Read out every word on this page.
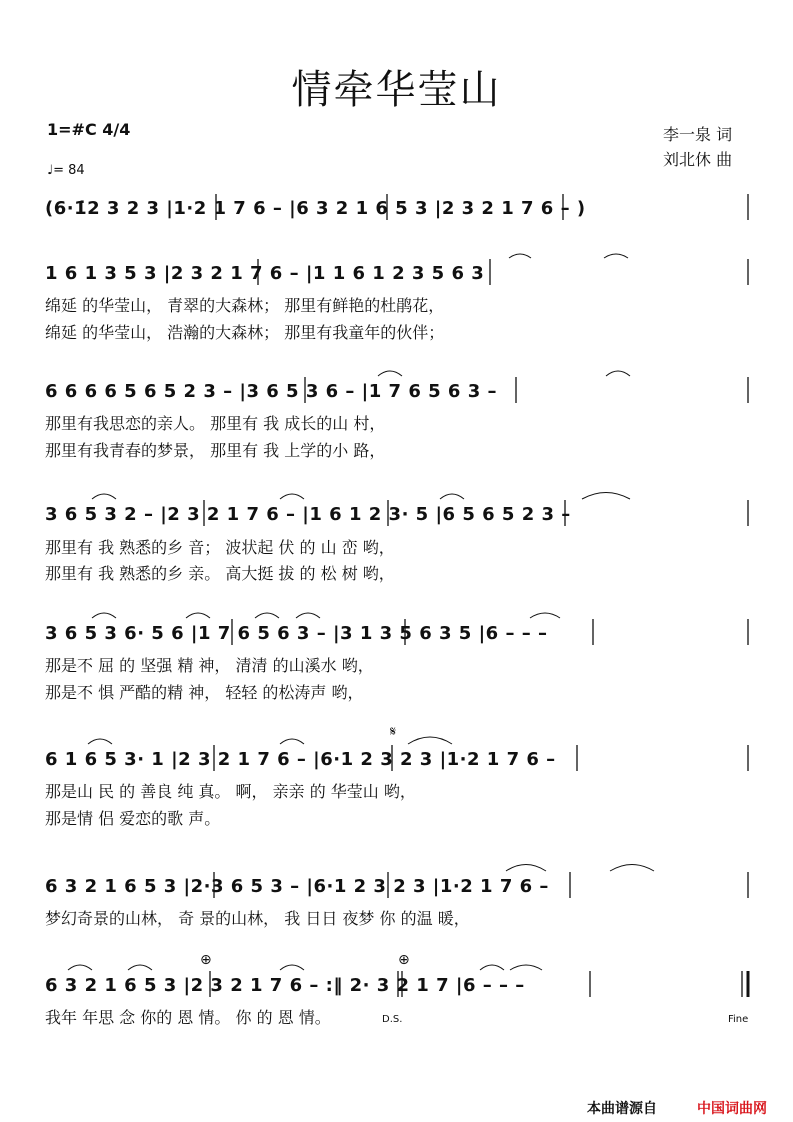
情牵华莹山
李一泉 词
刘北休 曲
1=#C 4/4
♩= 84
(6·1̇2 3 2 3 |1·2 1 7 6 – |6 3 2 1 6 5 3 |2 3 2 1 7 6 – )
1 6 1 3 5 3 |2 3 2 1 7 6 – |1 1 6 1 2 3 5 6 3
绵延 的华莹山， 青翠的大森林； 那里有鲜艳的杜鹃花，
绵延 的华莹山， 浩瀚的大森林； 那里有我童年的伙伴；
6 6 6 6 5 6 5 2 3 – |3 6 5 3 6 – |1 7 6 5 6 3 –
那里有我思恋的亲人。 那里有 我 成长的山 村，
那里有我青春的梦景， 那里有 我 上学的小 路，
3 6 5 3 2 – |2 3 2 1 7 6 – |1 6 1 2 3· 5 |6 5 6 5 2 3 –
那里有 我 熟悉的乡 音； 波状起 伏 的 山 峦 哟，
那里有 我 熟悉的乡 亲。 高大挺 拔 的 松 树 哟，
3 6 5 3 6· 5 6 |1 7 6 5 6 3 – |3 1 3 5 6 3 5 |6 – – –
那是不 屈 的 坚强 精 神， 清清 的山溪水 哟，
那是不 惧 严酷的精 神， 轻轻 的松涛声 哟，
6 1 6 5 3· 1 |2 3 2 1 7 6 – |6·1 2 3 2 3 |1·2 1 7 6 –
那是山 民 的 善良 纯 真。 啊， 亲亲 的 华莹山 哟，
那是情 侣 爱恋的歌 声。
6 3 2 1 6 5 3 |2·3 6 5 3 – |6·1 2 3 2 3 |1·2 1 7 6 –
梦幻奇景的山林， 奇 景的山林， 我 日日 夜梦 你 的温 暖，
6 3 2 1 6 5 3 |2 3 2 1 7 6 – :‖ 2· 3 2 1 7 |6 – – –
我年 年思 念 你的 恩 情。 你 的 恩 情。
𝄋
⊕	⊕
D.S.	Fine
本曲谱源自	中国词曲网
